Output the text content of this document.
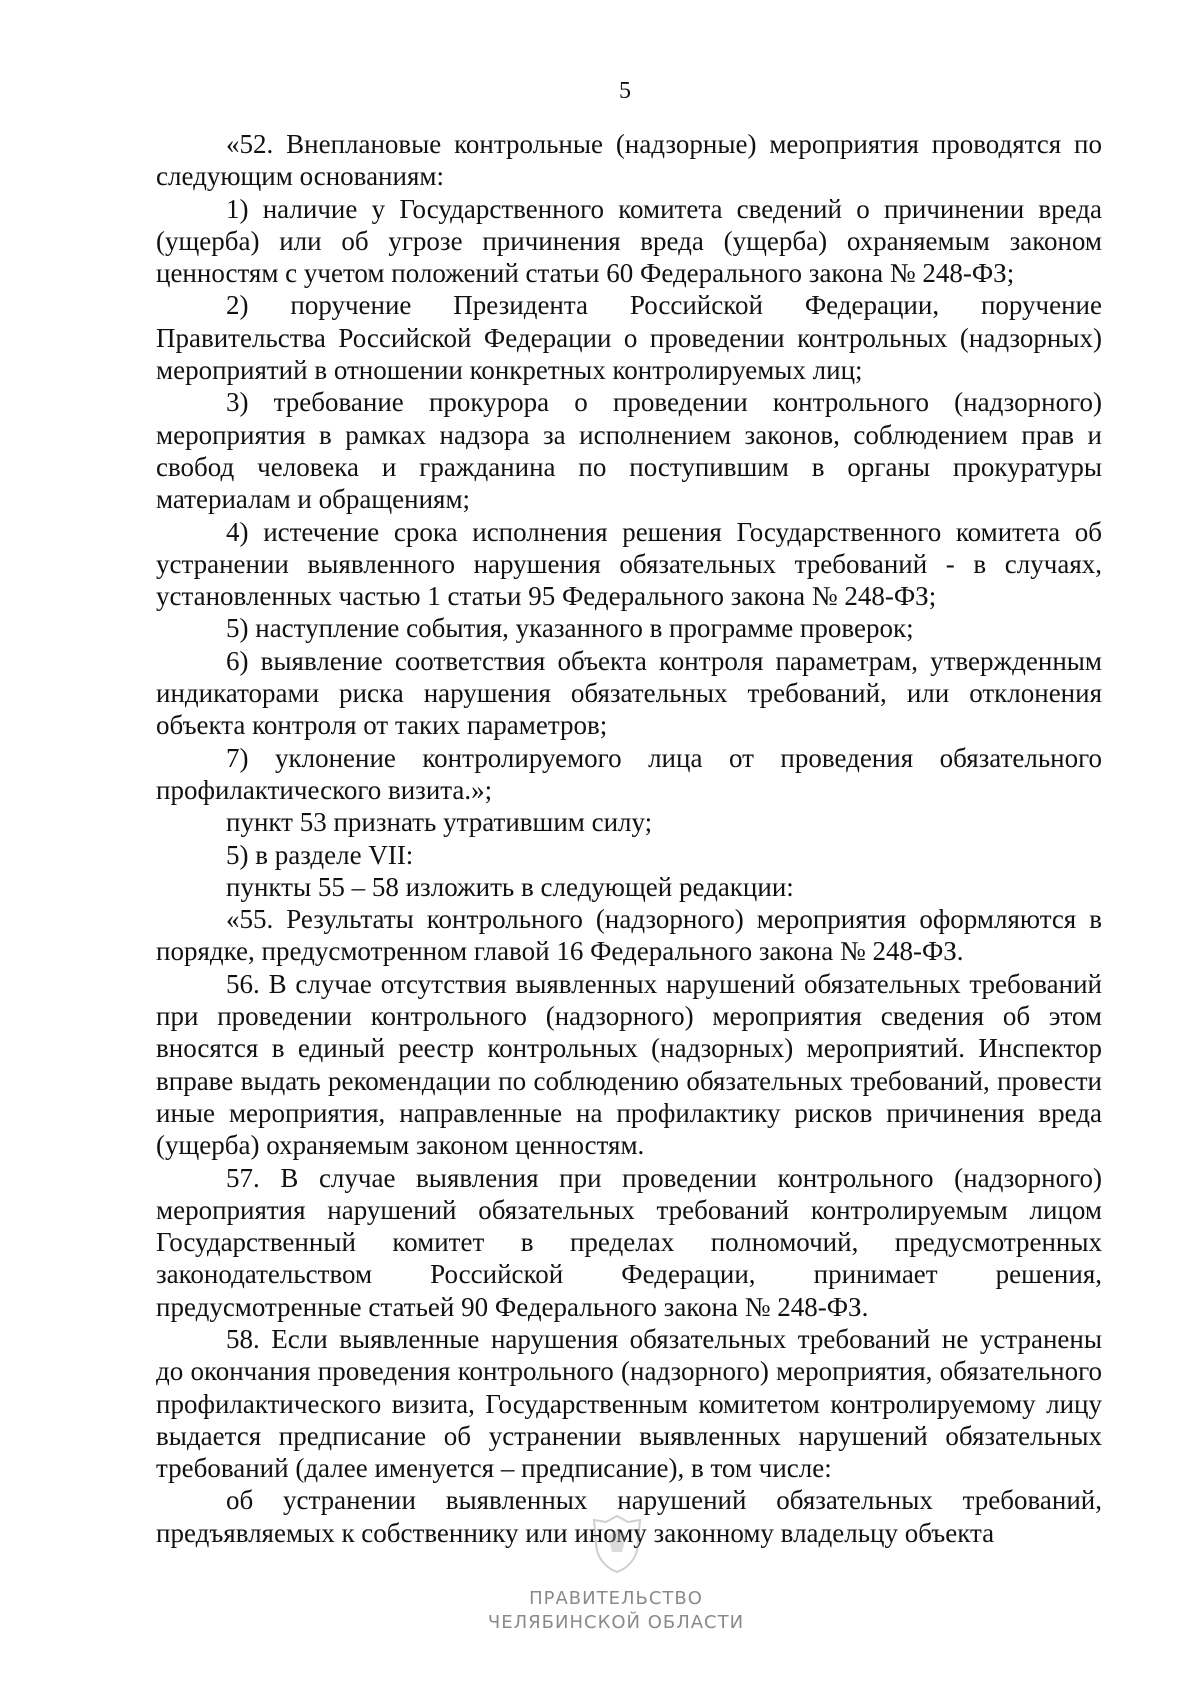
5

«52. Внеплановые контрольные (надзорные) мероприятия проводятся по следующим основаниям:

1) наличие у Государственного комитета сведений о причинении вреда (ущерба) или об угрозе причинения вреда (ущерба) охраняемым законом ценностям с учетом положений статьи 60 Федерального закона № 248-ФЗ;

2) поручение Президента Российской Федерации, поручение Правительства Российской Федерации о проведении контрольных (надзорных) мероприятий в отношении конкретных контролируемых лиц;

3) требование прокурора о проведении контрольного (надзорного) мероприятия в рамках надзора за исполнением законов, соблюдением прав и свобод человека и гражданина по поступившим в органы прокуратуры материалам и обращениям;

4) истечение срока исполнения решения Государственного комитета об устранении выявленного нарушения обязательных требований - в случаях, установленных частью 1 статьи 95 Федерального закона № 248-ФЗ;

5) наступление события, указанного в программе проверок;

6) выявление соответствия объекта контроля параметрам, утвержденным индикаторами риска нарушения обязательных требований, или отклонения объекта контроля от таких параметров;

7) уклонение контролируемого лица от проведения обязательного профилактического визита.»;

пункт 53 признать утратившим силу;

5) в разделе VII:

пункты 55 – 58 изложить в следующей редакции:

«55. Результаты контрольного (надзорного) мероприятия оформляются в порядке, предусмотренном главой 16 Федерального закона № 248-ФЗ.

56. В случае отсутствия выявленных нарушений обязательных требований при проведении контрольного (надзорного) мероприятия сведения об этом вносятся в единый реестр контрольных (надзорных) мероприятий. Инспектор вправе выдать рекомендации по соблюдению обязательных требований, провести иные мероприятия, направленные на профилактику рисков причинения вреда (ущерба) охраняемым законом ценностям.

57. В случае выявления при проведении контрольного (надзорного) мероприятия нарушений обязательных требований контролируемым лицом Государственный комитет в пределах полномочий, предусмотренных законодательством Российской Федерации, принимает решения, предусмотренные статьей 90 Федерального закона № 248-ФЗ.

58. Если выявленные нарушения обязательных требований не устранены до окончания проведения контрольного (надзорного) мероприятия, обязательного профилактического визита, Государственным комитетом контролируемому лицу выдается предписание об устранении выявленных нарушений обязательных требований (далее именуется – предписание), в том числе:

об устранении выявленных нарушений обязательных требований, предъявляемых к собственнику или иному законному владельцу объекта

ПРАВИТЕЛЬСТВО
ЧЕЛЯБИНСКОЙ ОБЛАСТИ
